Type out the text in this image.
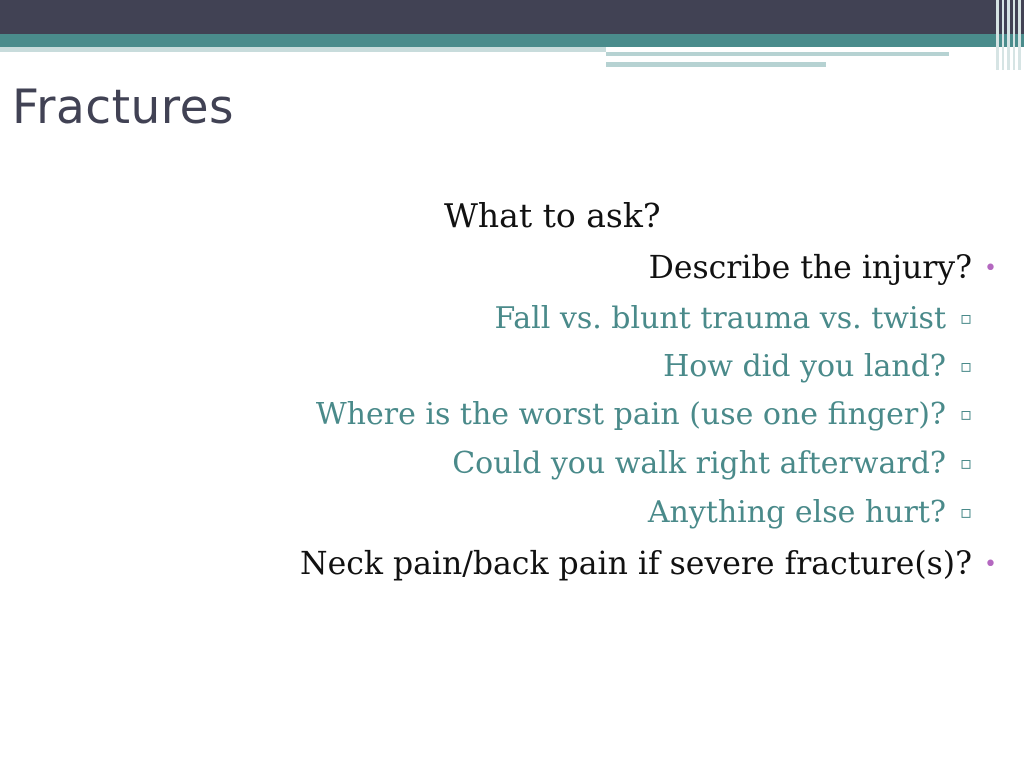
Fractures
What to ask?
Describe the injury? •
Fall vs. blunt trauma vs. twist ▫
How did you land? ▫
Where is the worst pain (use one finger)? ▫
Could you walk right afterward? ▫
Anything else hurt? ▫
Neck pain/back pain if severe fracture(s)? •
